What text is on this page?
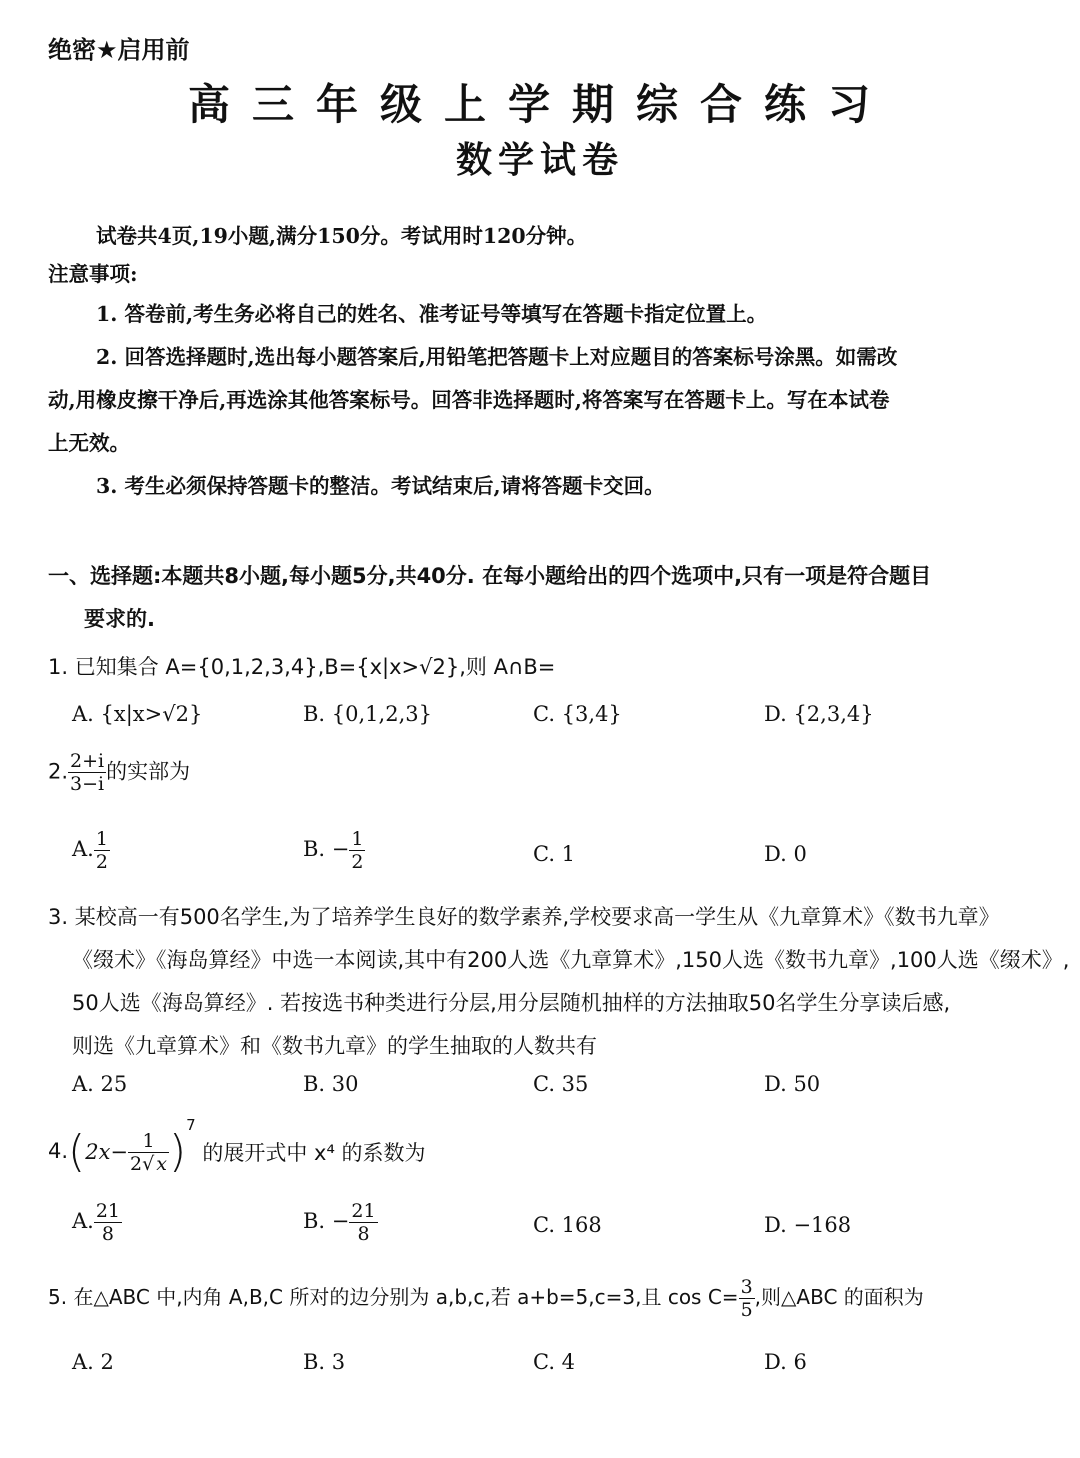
绝密★启用前
高三年级上学期综合练习
数学试卷
试卷共4页,19小题,满分150分。考试用时120分钟。
注意事项:
1. 答卷前,考生务必将自己的姓名、准考证号等填写在答题卡指定位置上。
2. 回答选择题时,选出每小题答案后,用铅笔把答题卡上对应题目的答案标号涂黑。如需改
动,用橡皮擦干净后,再选涂其他答案标号。回答非选择题时,将答案写在答题卡上。写在本试卷
上无效。
3. 考生必须保持答题卡的整洁。考试结束后,请将答题卡交回。
一、选择题:本题共8小题,每小题5分,共40分. 在每小题给出的四个选项中,只有一项是符合题目
要求的.
1. 已知集合 A={0,1,2,3,4},B={x|x>√2},则 A∩B=
A. {x|x>√2}	B. {0,1,2,3}	C. {3,4}	D. {2,3,4}
2. $\frac{2+i}{3-i}$ 的实部为
A. $\frac{1}{2}$	B. − $\frac{1}{2}$	C. 1	D. 0
3. 某校高一有500名学生,为了培养学生良好的数学素养,学校要求高一学生从《九章算术》《数书九章》
《缀术》《海岛算经》中选一本阅读,其中有200人选《九章算术》,150人选《数书九章》,100人选《缀术》,
50人选《海岛算经》. 若按选书种类进行分层,用分层随机抽样的方法抽取50名学生分享读后感,
则选《九章算术》和《数书九章》的学生抽取的人数共有
A. 25	B. 30	C. 35	D. 50
$4.(2x- \frac{1}{2√ x} )^7$ 的展开式中 x⁴ 的系数为
A. $\frac{21}{8}$	B. − $\frac{21}{8}$	C. 168	D. −168
5. 在△ABC 中,内角 A,B,C 所对的边分别为 a,b,c,若 a+b=5,c=3,且 $\cos C= \frac{3}{5}$ ,则△ABC 的面积为
A. 2	B. 3	C. 4	D. 6
